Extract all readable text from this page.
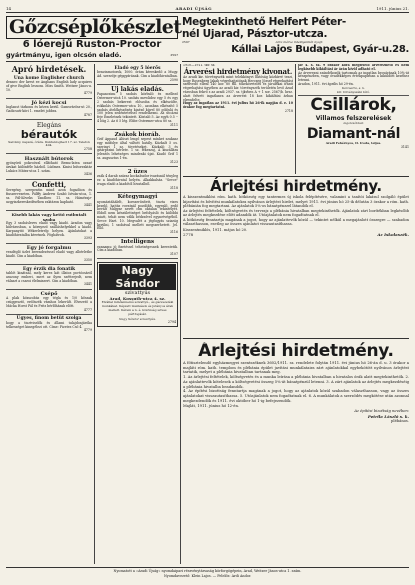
14	ARADI ÚJSÁG	1911. június 21.
Gőzcséplőkészlet
6 lóerejű Ruston-Proctor
gyártmányu, igen olcsón eladó.	2597
Megtekinthető Helfert Péter-
nél Ujarad, Pásztor-utcza.
2597	Arra mérve intelligentiát nyujt:
Kállai Lajos Budapest, Gyár-u.28.
Apró hirdetések.
Una kome Englisher church
dennec der krest ee Anglians English lady acquires of give English lessons. Miss Smith. Weitzer János-u. 10.
4779
Jó kézi kocsi
Inglanst tárkonu és kézen kerül. Gamsvárősz-ut 20., Gadicsuti-köri 1. emelet jobbra.
4787
Elegáns
bérautók
Sarokny, napszá, órára. Dukfenloghezt 17. sz. Telefon 404.
2758
Használt bútorok
gyönyörű pokroóval ellátható Bemu-latea ozsaé árukat különféle házból. Lúdmez. Kinisi bútorraktár Lukács Mátra-utca 1. szám.
3436
Confetti,
Serrgény, szerpentin mind azon fogadóon és fiuszervezeten. Pálffy Andrew Szabó István-utca, 1. sz. Pál-Köveks Tandbeo 11. sz. Hámérajz-uzgyiszkereskedésében raktáron kapható.
3441
Kisebb lakás vagy kettő rutbutalt szoba
Egy 3 szobásleves eladó vagy kiadó. Aradon vagy külvárosban, a környező szálláshelyekkel a kiadó. Karpanyitó Wékerletrelp helyen. Ajánlatokat a kiadóhivatalba kéretnek. Föghátrok.
3393
Egy jó forgalmu
vendéglő üzlet berendezéssel eladó vagy albérletbe kiadó. Cím a kiadóban.
3350
Egy érzik dia fonatik
tablót kinátnál, mely keres kát illatos portóosáról asszony emberi, mert az ilyen szétterjedt, nem választ a csaroi élelmiszert. Cím a kiadóban.
3441
Csépő
A plak közszobás egy tégla és 1/0 kőszak csüggesztő, erdőszék vámhoz lekerült. Elvezető a Mácka Horst Pál és Fritz bérlőházak előtt.
4777
Ügyes, finom betüt szolga
hogy a tisztviselők és állami tulajdonjáróka telkességet kinegélezi ott. Címe: Fizetes Cső 4.
4779
Eladó egy 5 lóerős
benzinmotorok, 1000. órám kéreskedő a Mugy. Ad. szerzője gépgyárának. Cím a kiadóhivatalban.
2590
Uj lakás eladás.
Papancsinu 5 szobás körbuló és mellező Ostermer-utcá 10. szobás mewlidez egy 5 és egy 2 szobás bekerezt előszoba és elkészülte, rokkolás Ostermer-utca 10., azonban elkészítő 5 szobás átelőkészítség kinéző kúvel 80 gölöslá és 100 jelen sedéntetessel rendelkezni. Az útcázni feje Emeletnek tekintett. Köstaló 5. Az egyh 0.5 -- 4 lóig 2. Az 6 5 lég. Ebbe Ostermer-utca 80 sz.
3111
Zsákok bioráb.
Grif Appaud Alüszt lengő sepest mínket szakasz egy műfolye által váltott hatály. Küzkalt 5 os. szerinyi 1 sz. tövetéseket. Küzkaló 3 és gitárpszini bérlete. 1 sz. fékezzaj, A kiszállára jelentős lehetséges mindenki újat. Kiadó Grif 1 sz. augusztus 1-én.
3123
2 üzes
zsák 4 darab száraz kockabudor ivarásnál tényleg ez a kiadóhivatal helyén. Alkakkalsáz. "Sevce" ivaga eladó a kiadótól hivatalból.
3118
Kétegymagyi
nyomástáhálelt, korszerűsített, tiszta vizes kezelő, hajtás rovatnál pozdóbb, egyenlő, erdő bevált Magyar nevét cím oktalan tekintélyét. Ebből nem készülettséget befolyásló és külöbbi miatt, tehát nem válik bédzsővel egynetvégéból. Sevce Hart. 10. Megvalét a jégfogyás sziarág kerülni, 1 szobával mellett megszerhetett. Jel. Ellő.
3116
Intelligens
ezanamu jó fizetéssel tehetségesnek kerestetik. Cím a kiadóban.
3107
Nagy Sándor
szivattyús
Arad, Kossuth-utca 4. sz.
Elvállal mindennemű szivattyú-, és gázvezetéki munkákat. Képzett munkások és jutányos árak mellett. Kérem a n. é. közönség szives pártfogását.
Nagy Sándor szivattyús.
2794
1910—1911. tkv. sz.
Árverési hirdetmény kivonat.
Az aradi kir. törvényszék mint telekkönyvi hatóság közhírré teszi, hogy Rosenberg Jakab végrehajtatónak Herczeg József végrehajtást szenvedő elleni 140 kor. 80 fill. tőkekövetelés és járulékai iránti végrehajtási ügyében az aradi kir. törvényszék területén levő Arad városban fekvő s az aradi 2937. sz. tjkvben A + 1 sor. 2567/b. hrsz. alatt felvett ingatlanra az árverést 18 kor. kikiáltási árban elrendelte.
Hogy az ingatlan az 1911. évi julius hó 26-ik napján d. e. 10 órakor fog megtartatni.
2718
jár 4. s. tk. 9 órakor kórá megfelelő árverezhető és nem legkisebb kikiáltási ár árán kívül adható el.
Az árverezni szándékozók tartoznak az ingatlan becsárának 10%-át készpénzben, vagy óvadékképes értékpapírban a kiküldött kezéhez letenni.
Aradon, 1911. évi április hó 29-én.
Karcsatra, s. k.
kir. törvényszéki bíró.
Csillárok,
Villamos felszerelések
legolcsóbban
Diamant-nál
Aradi Fehérnyos, II. Iroda, teljes.
3141
Árlejtési hirdetmény.
A kisszentmiklósi róm. kath. hitközség egy tantermes új iskola felépítésére, valamint a tanítói lakásul szolgáló épület kijavítási és bővítési munkálatokra nyilvános árlejtést hirdet, melyet 1911. évi június hó 25-ik délután 3 órakor a róm. kath. plébánián fog megtartani. Az ajánlatok 5%-os bánatpénzzel látandók el.
Az árlejtési feltételek, költségvetés és tervrajz a plébánia hivatalban megtekinthetők. Ajánlatok zárt borítékban legkésőbb az árlejtés megkezdése előtt adandók át. Utóajánlatok nem fogadtatnak el.
A hitközség fenntartja magának a jogot, hogy az ajánlattevők közül — tekintet nélkül a megajánlott összegre — szabadon választhasson, esetleg az összes ajánlatot visszautasíthassa.
Kisszentmiklós, 1911. május hó 20.
2778	Az Iskolaszék.
Árlejtési hirdetmény.
A főtisztelendő egyházmegyei szentszéknek 3602/1911. sz. rendelete folytán 1911. évi június hó 26-án d. u. 3 órakor a majláti róm. kath. templom és plébánia épület javítási munkálataira zárt ajánlatokkal egybekötött nyilvános árlejtést tartatik, melyet a plébánia hivatalban tartanak meg.
1. Az árlejtési feltételek, költségvetés és a munka leírása a plébánia hivatalban a hivatalos órák alatt megtekinthetők. 2. Az ajánlattevők kötelesek a költségvetési összeg 5%-át bánatpénzül letenni. 3. A zárt ajánlatok az árlejtés megkezdéséig a plébánia hivatalba beadandók.
4. Az építési bizottság fenntartja magának a jogot, hogy az ajánlatok közül szabadon választhasson, vagy az összes ajánlatokat visszautasíthassa. 5. Utóajánlatok nem fogadtatnak el. 6. A munkálatok a szerződés megkötése után azonnal megkezdendők és 1911. évi október hó 1-ig befejezendők.
Majlát, 1911. június hó 12-én.
Az építési bizottság nevében:
Petrila László s. k.
plébános.
Nyomatott a »Aradi Újság« nyomdaipari részvénytársaság körforgógépein, Arad, Weitzer János-utca 1. szám.
Nyomdavezető: Klein Lajos. — Felelős: Ardi Andor.
